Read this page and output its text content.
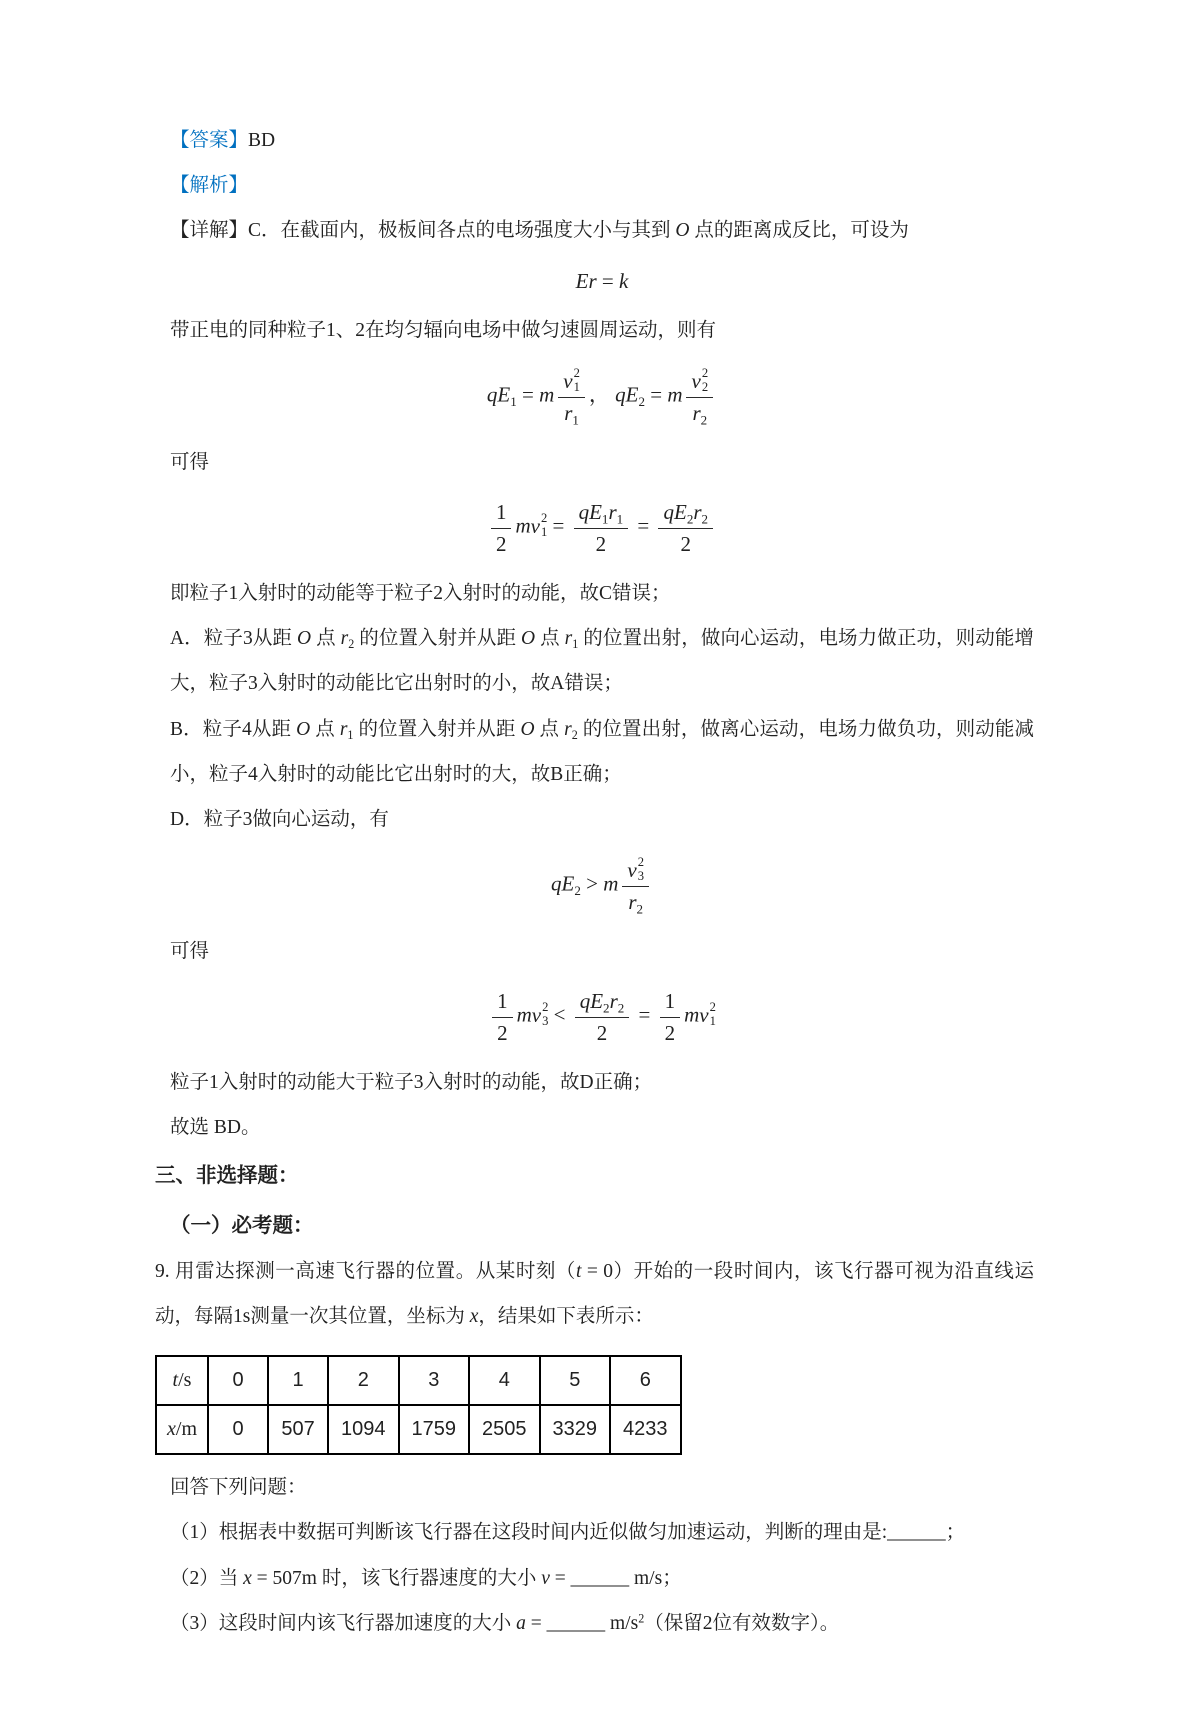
【答案】BD
【解析】
【详解】C．在截面内，极板间各点的电场强度大小与其到 O 点的距离成反比，可设为
Er = k
带正电的同种粒子1、2在均匀辐向电场中做匀速圆周运动，则有
$qE_1 = m$ v 2
1
$r_1$ ， $qE_2 = m$ v 2
2
$r_2$
可得
$\frac{1}{2}$ m v 2
$1 = \frac{qE_1r_1}{2} = \frac{qE_2r_2}{2}$
即粒子1入射时的动能等于粒子2入射时的动能，故C错误；
A．粒子3从距 O 点 $r_2$ 的位置入射并从距 O 点 $r_1$ 的位置出射，做向心运动，电场力做正功，则动能增大，粒子3入射时的动能比它出射时的小，故A错误；
B．粒子4从距 O 点 $r_1$ 的位置入射并从距 O 点 $r_2$ 的位置出射，做离心运动，电场力做负功，则动能减小，粒子4入射时的动能比它出射时的大，故B正确；
D．粒子3做向心运动，有
$qE_2 > m$ v 2
3
$r_2$
可得
$\frac{1}{2}$ m v 2
$3 < \frac{qE_2r_2}{2} = \frac{1}{2}$ m v 2
1
粒子1入射时的动能大于粒子3入射时的动能，故D正确；
故选 BD。
三、非选择题：
（一）必考题：
9. 用雷达探测一高速飞行器的位置。从某时刻（t = 0）开始的一段时间内，该飞行器可视为沿直线运动，每隔1s测量一次其位置，坐标为 x，结果如下表所示：
t/s	0	1	2	3	4	5	6
x/m	0	507	1094	1759	2505	3329	4233
回答下列问题：
（1）根据表中数据可判断该飞行器在这段时间内近似做匀加速运动，判断的理由是:______；
（2）当 x = 507m 时，该飞行器速度的大小 v = ______ m/s；
（3）这段时间内该飞行器加速度的大小 a = ______ $m/s^2$（保留2位有效数字）。
